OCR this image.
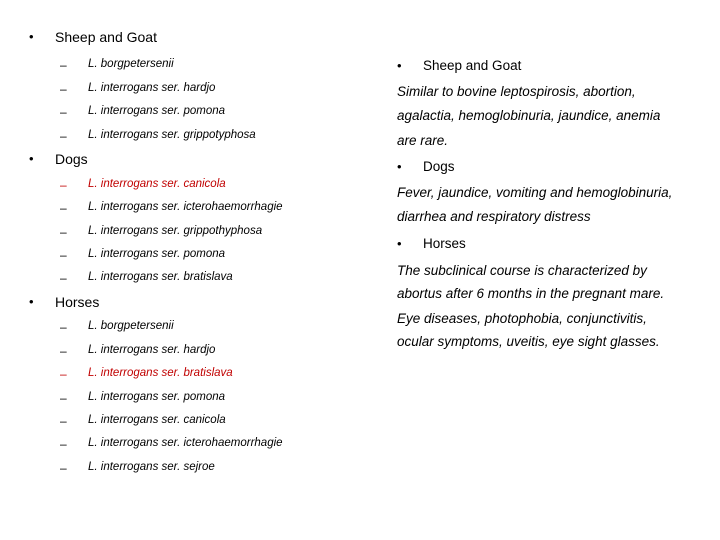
• Sheep and Goat
– L. borgpetersenii
– L. interrogans ser. hardjo
– L. interrogans ser. pomona
– L. interrogans ser. grippotyphosa
• Dogs
– L. interrogans ser. canicola
– L. interrogans ser. icterohaemorrhagie
– L. interrogans ser. grippothyphosa
– L. interrogans ser. pomona
– L. interrogans ser. bratislava
• Horses
– L. borgpetersenii
– L. interrogans ser. hardjo
– L. interrogans ser. bratislava
– L. interrogans ser. pomona
– L. interrogans ser. canicola
– L. interrogans ser. icterohaemorrhagie
– L. interrogans ser. sejroe
• Sheep and Goat
Similar to bovine leptospirosis, abortion,
agalactia, hemoglobinuria, jaundice, anemia
are rare.
• Dogs
Fever, jaundice, vomiting and hemoglobinuria,
diarrhea and respiratory distress
• Horses
The subclinical course is characterized by
abortus after 6 months in the pregnant mare.
Eye diseases, photophobia, conjunctivitis,
ocular symptoms, uveitis, eye sight glasses.
